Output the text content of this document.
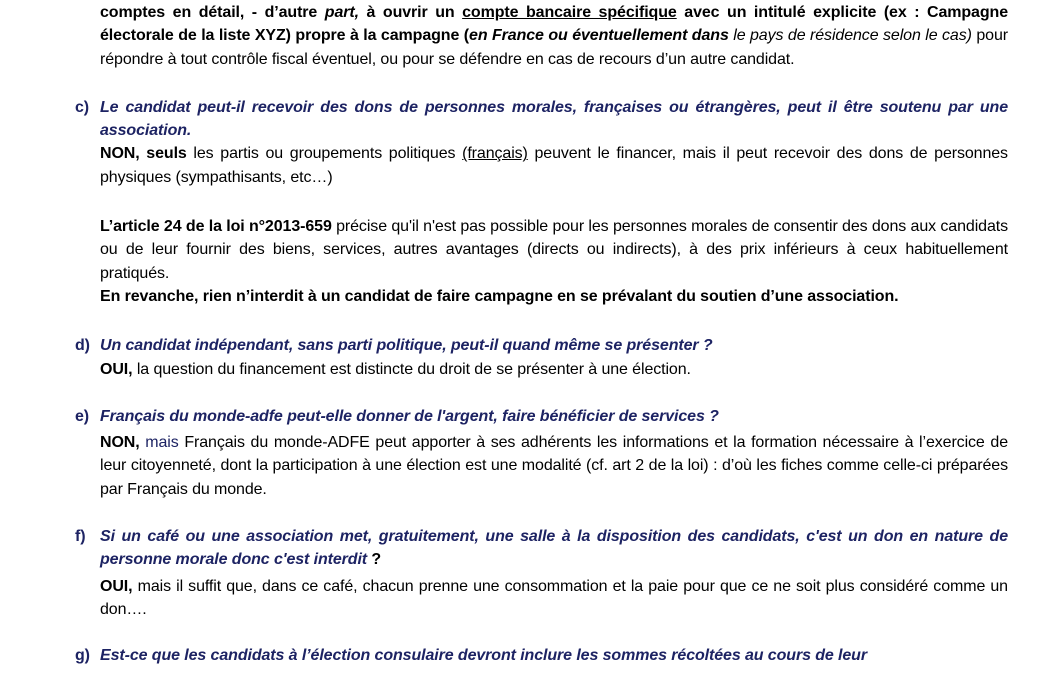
comptes en détail, - d’autre part, à ouvrir un compte bancaire spécifique avec un intitulé explicite (ex : Campagne électorale de la liste XYZ) propre à la campagne (en France ou éventuellement dans le pays de résidence selon le cas) pour répondre à tout contrôle fiscal éventuel, ou pour se défendre en cas de recours d’un autre candidat.

c) Le candidat peut-il recevoir des dons de personnes morales, françaises ou étrangères, peut il être soutenu par une association.

NON, seuls les partis ou groupements politiques (français) peuvent le financer, mais il peut recevoir des dons de personnes physiques (sympathisants, etc…)

L’article 24 de la loi n°2013-659 précise qu'il n'est pas possible pour les personnes morales de consentir des dons aux candidats ou de leur fournir des biens, services, autres avantages (directs ou indirects), à des prix inférieurs à ceux habituellement pratiqués.

En revanche, rien n’interdit à un candidat de faire campagne en se prévalant du soutien d’une association.

d) Un candidat indépendant, sans parti politique, peut-il quand même se présenter ?

OUI, la question du financement est distincte du droit de se présenter à une élection.

e) Français du monde-adfe peut-elle donner de l'argent, faire bénéficier de services ?

NON, mais Français du monde-ADFE peut apporter à ses adhérents les informations et la formation nécessaire à l’exercice de leur citoyenneté, dont la participation à une élection est une modalité (cf. art 2 de la loi) : d’où les fiches comme celle-ci préparées par Français du monde.

f) Si un café ou une association met, gratuitement, une salle à la disposition des candidats, c'est un don en nature de personne morale donc c'est interdit ?

OUI, mais il suffit que, dans ce café, chacun prenne une consommation et la paie pour que ce ne soit plus considéré comme un don….

g) Est-ce que les candidats à l’élection consulaire devront inclure les sommes récoltées au cours de leur
